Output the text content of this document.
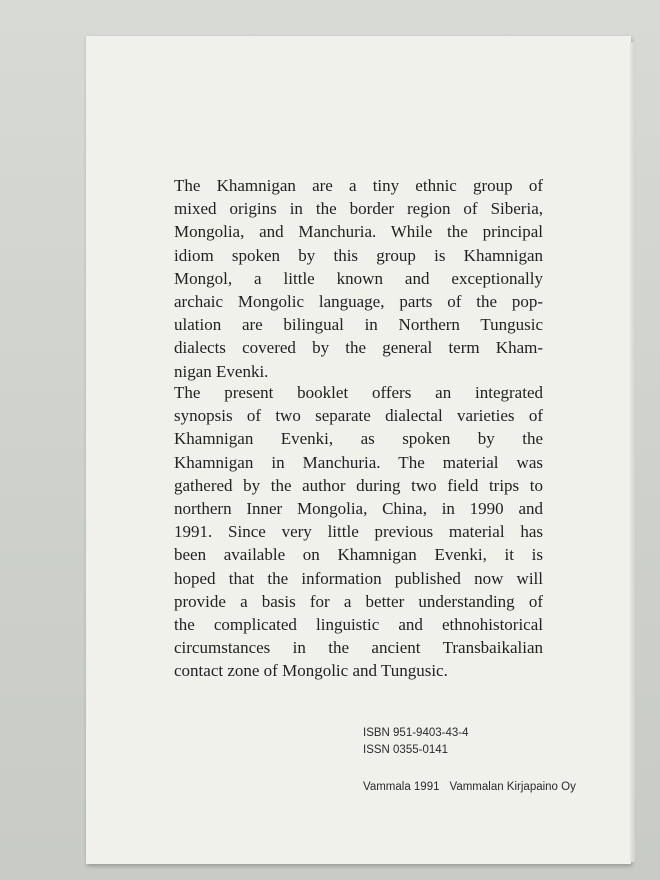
The Khamnigan are a tiny ethnic group of
mixed origins in the border region of Siberia,
Mongolia, and Manchuria. While the principal
idiom spoken by this group is Khamnigan
Mongol, a little known and exceptionally
archaic Mongolic language, parts of the pop-
ulation are bilingual in Northern Tungusic
dialects covered by the general term Kham-
nigan Evenki.

The present booklet offers an integrated
synopsis of two separate dialectal varieties of
Khamnigan Evenki, as spoken by the
Khamnigan in Manchuria. The material was
gathered by the author during two field trips to
northern Inner Mongolia, China, in 1990 and
1991. Since very little previous material has
been available on Khamnigan Evenki, it is
hoped that the information published now will
provide a basis for a better understanding of
the complicated linguistic and ethnohistorical
circumstances in the ancient Transbaikalian
contact zone of Mongolic and Tungusic.

ISBN 951-9403-43-4
ISSN 0355-0141
Vammala 1991 Vammalan Kirjapaino Oy
